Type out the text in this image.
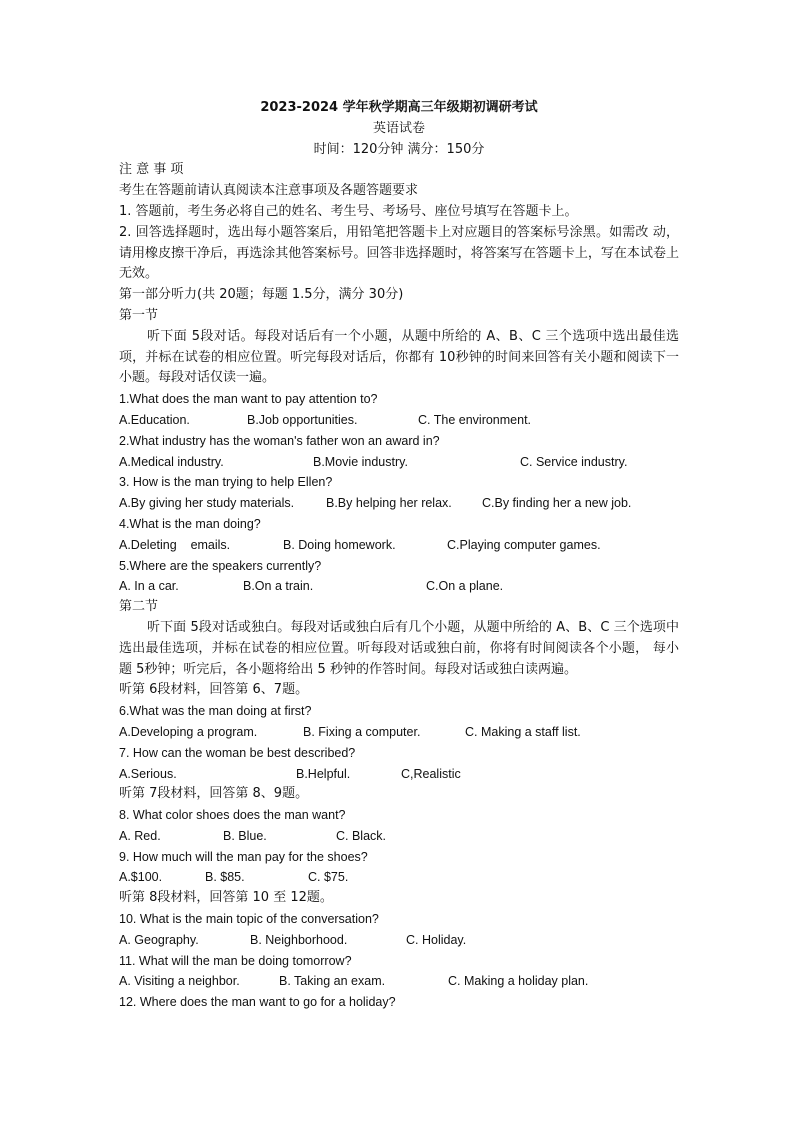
2023-2024 学年秋学期高三年级期初调研考试
英语试卷
时间：120分钟 满分：150分
注 意 事 项
考生在答题前请认真阅读本注意事项及各题答题要求
1. 答题前，考生务必将自己的姓名、考生号、考场号、座位号填写在答题卡上。
2. 回答选择题时，选出每小题答案后，用铅笔把答题卡上对应题目的答案标号涂黑。如需改 动，请用橡皮擦干净后，再选涂其他答案标号。回答非选择题时，将答案写在答题卡上，写在本试卷上无效。
第一部分听力(共 20题；每题 1.5分，满分 30分)
第一节
听下面 5段对话。每段对话后有一个小题，从题中所给的 A、B、C 三个选项中选出最佳选项，并标在试卷的相应位置。听完每段对话后，你都有 10秒钟的时间来回答有关小题和阅读下一小题。每段对话仅读一遍。
1.What does the man want to pay attention to?
A.Education.	B.Job opportunities.	C. The environment.
2.What industry has the woman's father won an award in?
A.Medical industry.	B.Movie industry.	C. Service industry.
3. How is the man trying to help Ellen?
A.By giving her study materials.	B.By helping her relax.	C.By finding her a new job.
4.What is the man doing?
A.Deleting    emails.	B. Doing homework.	C.Playing computer games.
5.Where are the speakers currently?
A. In a car.	B.On a train.	C.On a plane.
第二节
听下面 5段对话或独白。每段对话或独白后有几个小题，从题中所给的 A、B、C 三个选项中选出最佳选项，并标在试卷的相应位置。听每段对话或独白前，你将有时间阅读各个小题， 每小题 5秒钟；听完后，各小题将给出 5 秒钟的作答时间。每段对话或独白读两遍。
听第 6段材料，回答第 6、7题。
6.What was the man doing at first?
A.Developing a program.	B. Fixing a computer.	C. Making a staff list.
7. How can the woman be best described?
A.Serious.	B.Helpful.	C,Realistic
听第 7段材料，回答第 8、9题。
8. What color shoes does the man want?
A. Red.	B. Blue.	C. Black.
9. How much will the man pay for the shoes?
A.$100.	B. $85.	C. $75.
听第 8段材料，回答第 10 至 12题。
10. What is the main topic of the conversation?
A. Geography.	B. Neighborhood.	C. Holiday.
11. What will the man be doing tomorrow?
A. Visiting a neighbor.	B. Taking an exam.	C. Making a holiday plan.
12. Where does the man want to go for a holiday?
